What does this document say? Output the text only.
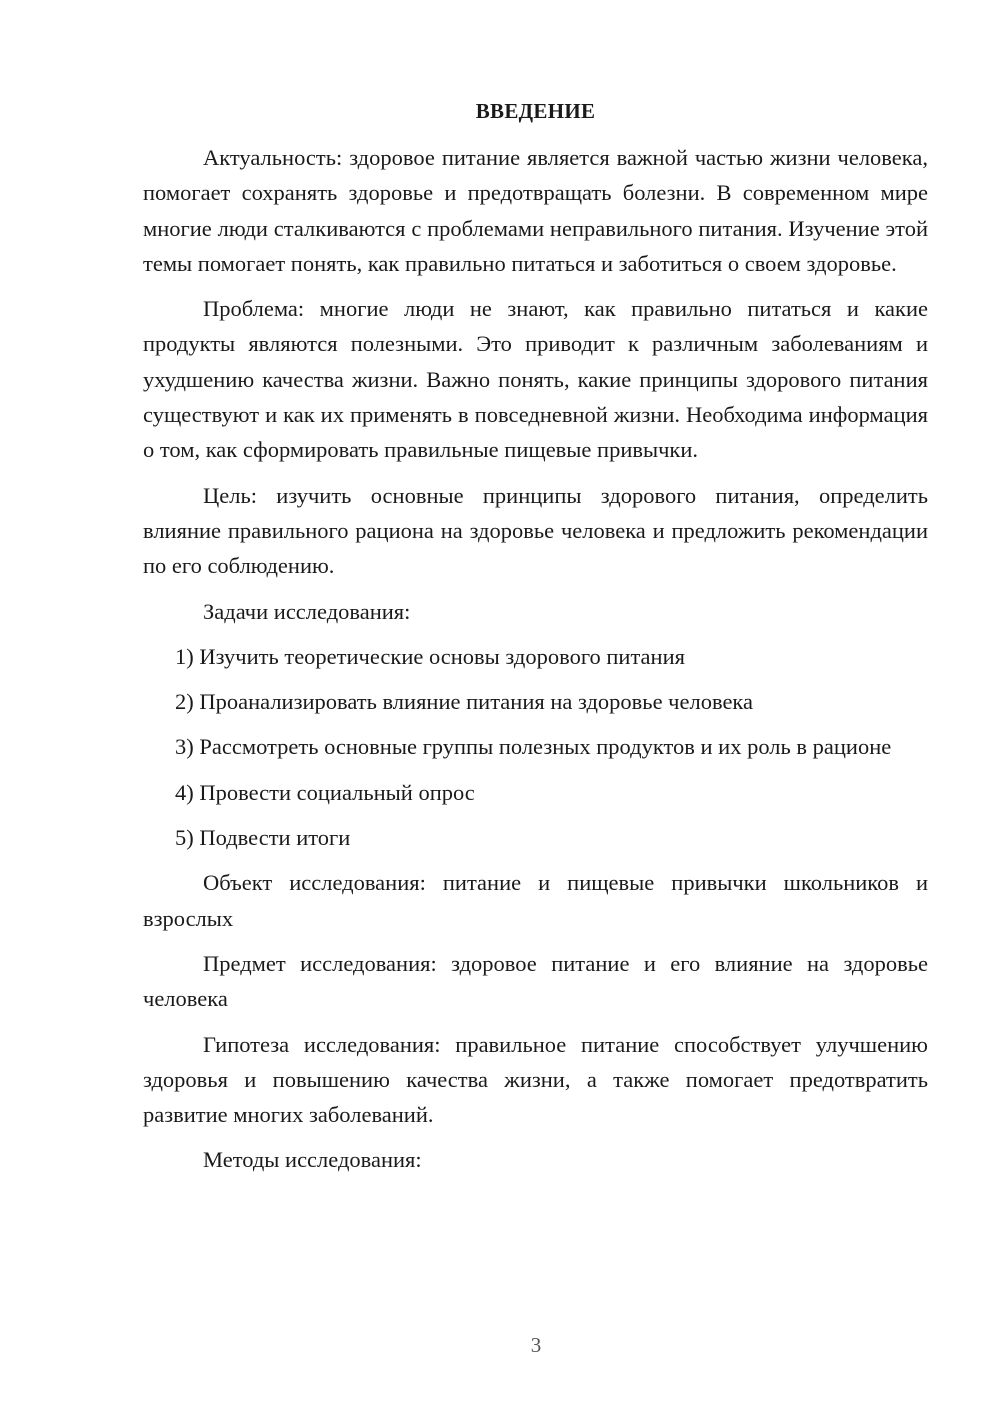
ВВЕДЕНИЕ

Актуальность: здоровое питание является важной частью жизни человека, помогает сохранять здоровье и предотвращать болезни. В современном мире многие люди сталкиваются с проблемами неправильного питания. Изучение этой темы помогает понять, как правильно питаться и заботиться о своем здоровье.

Проблема: многие люди не знают, как правильно питаться и какие продукты являются полезными. Это приводит к различным заболеваниям и ухудшению качества жизни. Важно понять, какие принципы здорового питания существуют и как их применять в повседневной жизни. Необходима информация о том, как сформировать правильные пищевые привычки.

Цель: изучить основные принципы здорового питания, определить влияние правильного рациона на здоровье человека и предложить рекомендации по его соблюдению.

Задачи исследования:

1) Изучить теоретические основы здорового питания

2) Проанализировать влияние питания на здоровье человека

3) Рассмотреть основные группы полезных продуктов и их роль в рационе

4) Провести социальный опрос

5) Подвести итоги

Объект исследования: питание и пищевые привычки школьников и взрослых

Предмет исследования: здоровое питание и его влияние на здоровье человека

Гипотеза исследования: правильное питание способствует улучшению здоровья и повышению качества жизни, а также помогает предотвратить развитие многих заболеваний.

Методы исследования:

3
